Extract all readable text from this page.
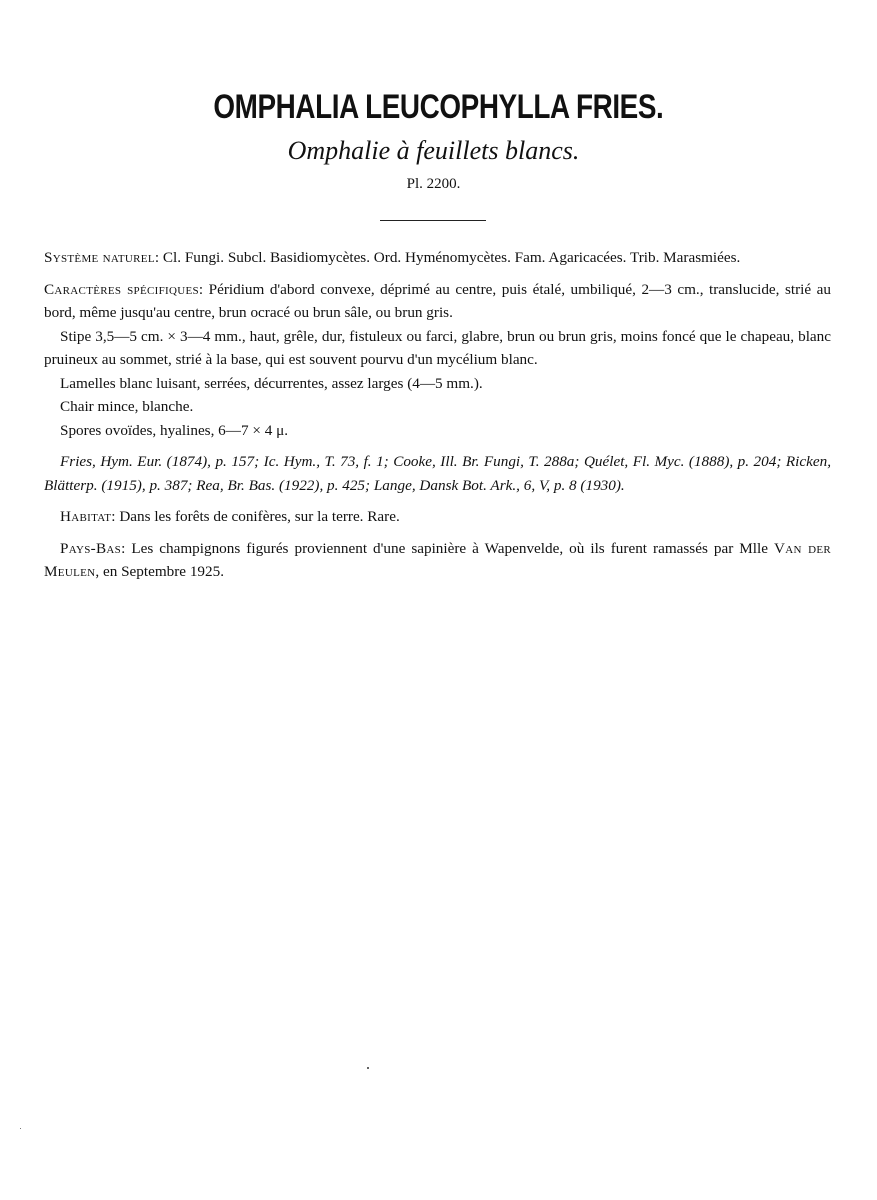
OMPHALIA LEUCOPHYLLA FRIES.
Omphalie à feuillets blancs.
Pl. 2200.

Système naturel: Cl. Fungi. Subcl. Basidiomycètes. Ord. Hyménomycètes. Fam. Agaricacées. Trib. Marasmiées.

Caractères spécifiques: Péridium d'abord convexe, déprimé au centre, puis étalé, umbiliqué, 2—3 cm., translucide, strié au bord, même jusqu'au centre, brun ocracé ou brun sâle, ou brun gris.

Stipe 3,5—5 cm. × 3—4 mm., haut, grêle, dur, fistuleux ou farci, glabre, brun ou brun gris, moins foncé que le chapeau, blanc pruineux au sommet, strié à la base, qui est souvent pourvu d'un mycélium blanc.

Lamelles blanc luisant, serrées, décurrentes, assez larges (4—5 mm.).

Chair mince, blanche.

Spores ovoïdes, hyalines, 6—7 × 4 μ.

Fries, Hym. Eur. (1874), p. 157; Ic. Hym., T. 73, f. 1; Cooke, Ill. Br. Fungi, T. 288a; Quélet, Fl. Myc. (1888), p. 204; Ricken, Blätterp. (1915), p. 387; Rea, Br. Bas. (1922), p. 425; Lange, Dansk Bot. Ark., 6, V, p. 8 (1930).

Habitat: Dans les forêts de conifères, sur la terre. Rare.

Pays-Bas: Les champignons figurés proviennent d'une sapinière à Wapenvelde, où ils furent ramassés par Mlle Van der Meulen, en Septembre 1925.
